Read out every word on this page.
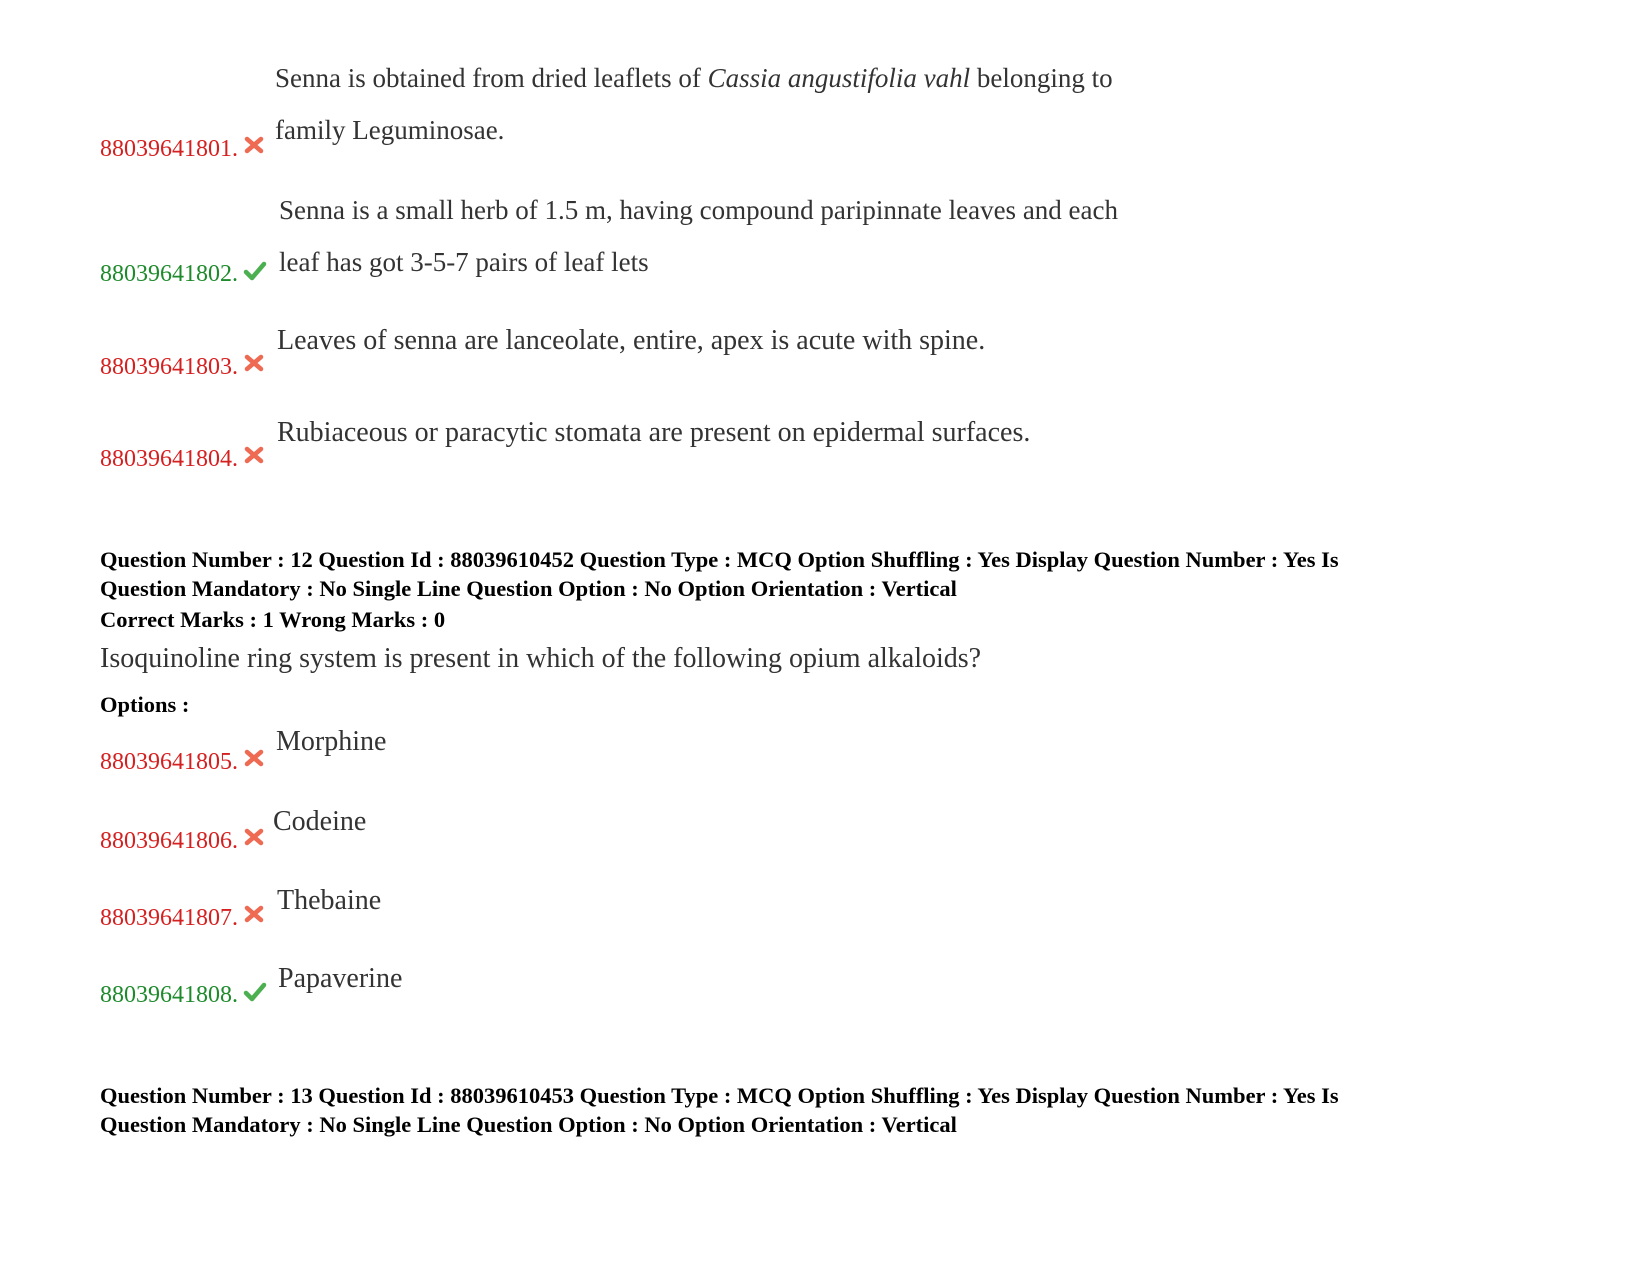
Senna is obtained from dried leaflets of Cassia angustifolia vahl belonging to
family Leguminosae.
88039641801.
Senna is a small herb of 1.5 m, having compound paripinnate leaves and each
leaf has got 3-5-7 pairs of leaf lets
88039641802.
Leaves of senna are lanceolate, entire, apex is acute with spine.
88039641803.
Rubiaceous or paracytic stomata are present on epidermal surfaces.
88039641804.
Question Number : 12 Question Id : 88039610452 Question Type : MCQ Option Shuffling : Yes Display Question Number : Yes Is
Question Mandatory : No Single Line Question Option : No Option Orientation : Vertical
Correct Marks : 1 Wrong Marks : 0
Isoquinoline ring system is present in which of the following opium alkaloids?
Options :
Morphine
88039641805.
Codeine
88039641806.
Thebaine
88039641807.
Papaverine
88039641808.
Question Number : 13 Question Id : 88039610453 Question Type : MCQ Option Shuffling : Yes Display Question Number : Yes Is
Question Mandatory : No Single Line Question Option : No Option Orientation : Vertical
